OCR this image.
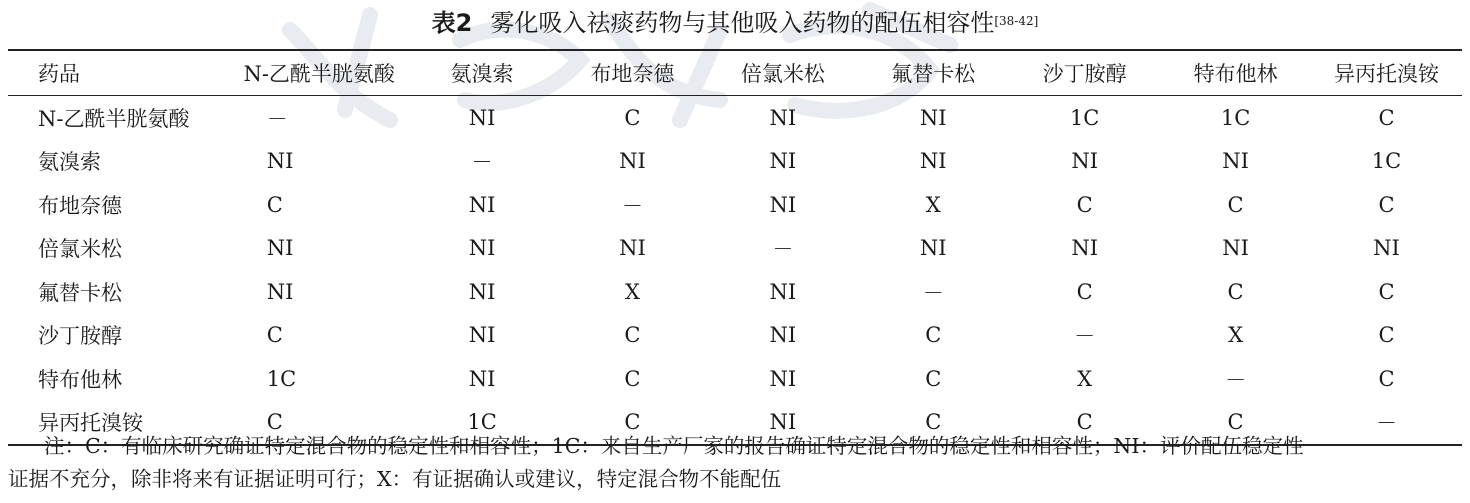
表2 雾化吸入祛痰药物与其他吸入药物的配伍相容性[38-42]
药品	N-乙酰半胱氨酸	氨溴索	布地奈德	倍氯米松	氟替卡松	沙丁胺醇	特布他林	异丙托溴铵
N-乙酰半胱氨酸	－	NI	C	NI	NI	1C	1C	C
氨溴索	NI	－	NI	NI	NI	NI	NI	1C
布地奈德	C	NI	－	NI	X	C	C	C
倍氯米松	NI	NI	NI	－	NI	NI	NI	NI
氟替卡松	NI	NI	X	NI	－	C	C	C
沙丁胺醇	C	NI	C	NI	C	－	X	C
特布他林	1C	NI	C	NI	C	X	－	C
异丙托溴铵	C	1C	C	NI	C	C	C	－
注：C：有临床研究确证特定混合物的稳定性和相容性；1C：来自生产厂家的报告确证特定混合物的稳定性和相容性；NI：评价配伍稳定性
证据不充分，除非将来有证据证明可行；X：有证据确认或建议，特定混合物不能配伍
